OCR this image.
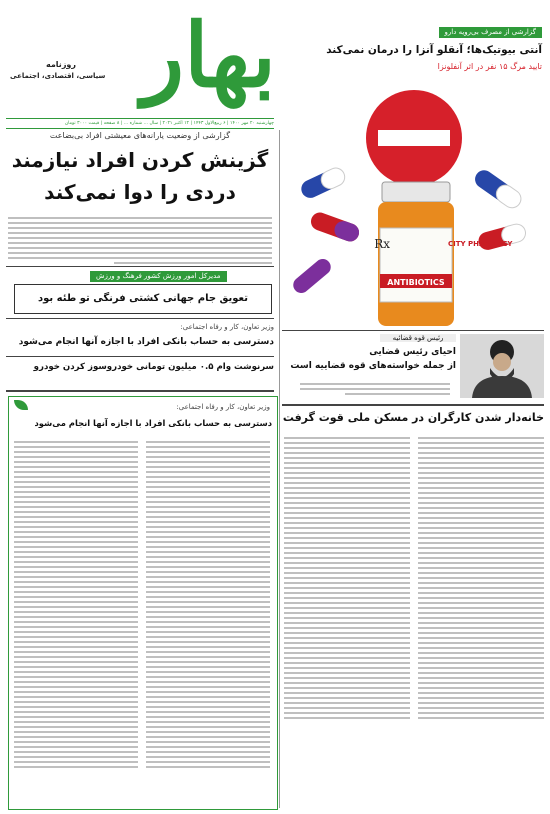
بهار
روزنامه
سیاسی، اقتصادی، اجتماعی
چهارشنبه ۲۰ مهر ۱۴۰۰ | ۶ ربیع‌الاول ۱۴۴۳ | ۱۲ اکتبر ۲۰۲۱ | سال ... شماره ... | ۸ صفحه | قیمت ۳۰۰۰ تومان
گزارشی از وضعیت یارانه‌های معیشتی افراد بی‌بضاعت
گزینش کردن افراد نیازمند
دردی را دوا نمی‌کند
مدیرکل امور ورزش کشور فرهنگ و ورزش
تعویق جام جهانی کشتی فرنگی تو طئه بود
وزیر تعاون، کار و رفاه اجتماعی:
دسترسی به حساب بانکی افراد با اجازه آنها انجام می‌شود
سرنوشت وام ۰.۵ میلیون تومانی خودروسوز کردن خودرو
گزارشی از مصرف بی‌رویه دارو
آنتی بیوتیک‌ها؛ آنقلو آنزا را درمان نمی‌کند
تایید مرگ ۱۵ نفر در اثر آنفلونزا
Rx	CITY PHARMACY
ANTIBIOTICS
رئیس قوه قضائیه
احیای رئیس قضایی
از جمله خواسته‌های قوه قضاییه است
خانه‌دار شدن کارگران در مسکن ملی قوت گرفت
وزیر تعاون، کار و رفاه اجتماعی:
دسترسی به حساب بانکی افراد با اجازه آنها انجام می‌شود
